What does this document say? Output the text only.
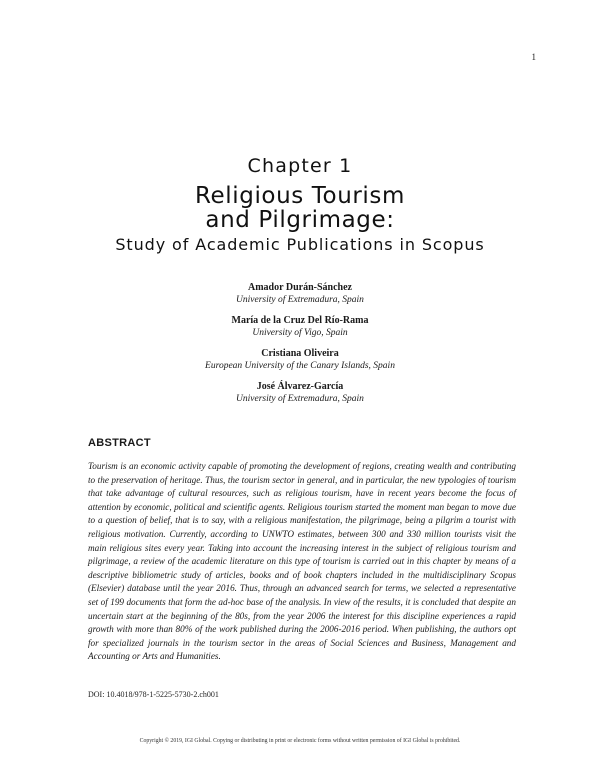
1
Chapter 1
Religious Tourism
and Pilgrimage:
Study of Academic Publications in Scopus
Amador Durán-Sánchez
University of Extremadura, Spain
María de la Cruz Del Río-Rama
University of Vigo, Spain
Cristiana Oliveira
European University of the Canary Islands, Spain
José Álvarez-García
University of Extremadura, Spain
ABSTRACT
Tourism is an economic activity capable of promoting the development of regions, creating wealth and contributing to the preservation of heritage. Thus, the tourism sector in general, and in particular, the new typologies of tourism that take advantage of cultural resources, such as religious tourism, have in recent years become the focus of attention by economic, political and scientific agents. Religious tourism started the moment man began to move due to a question of belief, that is to say, with a religious manifestation, the pilgrimage, being a pilgrim a tourist with religious motivation. Currently, according to UNWTO estimates, between 300 and 330 million tourists visit the main religious sites every year. Taking into account the increasing interest in the subject of religious tourism and pilgrimage, a review of the academic literature on this type of tourism is carried out in this chapter by means of a descriptive bibliometric study of articles, books and of book chapters included in the multidisciplinary Scopus (Elsevier) database until the year 2016. Thus, through an advanced search for terms, we selected a representative set of 199 documents that form the ad-hoc base of the analysis. In view of the results, it is concluded that despite an uncertain start at the beginning of the 80s, from the year 2006 the interest for this discipline experiences a rapid growth with more than 80% of the work published during the 2006-2016 period. When publishing, the authors opt for specialized journals in the tourism sector in the areas of Social Sciences and Business, Management and Accounting or Arts and Humanities.
DOI: 10.4018/978-1-5225-5730-2.ch001
Copyright © 2019, IGI Global. Copying or distributing in print or electronic forms without written permission of IGI Global is prohibited.
